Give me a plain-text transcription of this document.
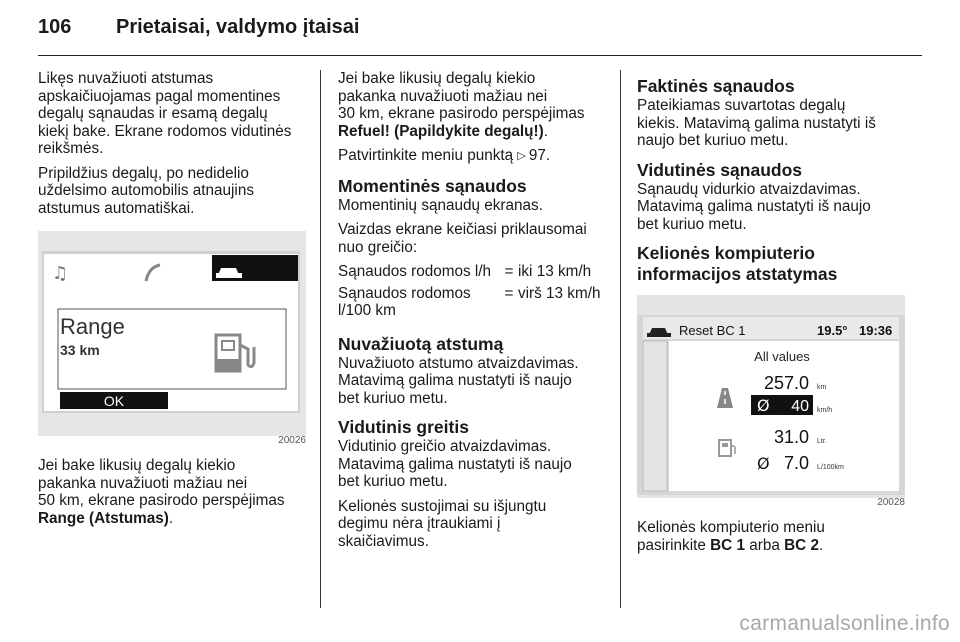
106 Prietaisai, valdymo įtaisai

Likęs nuvažiuoti atstumas
apskaičiuojamas pagal momentines
degalų sąnaudas ir esamą degalų
kiekį bake. Ekrane rodomos vidutinės
reikšmės.

Pripildžius degalų, po nedidelio
uždelsimo automobilis atnaujins
atstumus automatiškai.

♫
Range
33 km
OK
20026

Jei bake likusių degalų kiekio
pakanka nuvažiuoti mažiau nei
50 km, ekrane pasirodo perspėjimas
Range (Atstumas).

Jei bake likusių degalų kiekio
pakanka nuvažiuoti mažiau nei
30 km, ekrane pasirodo perspėjimas
Refuel! (Papildykite degalų!).

Patvirtinkite meniu punktą ▷ 97.

Momentinės sąnaudos

Momentinių sąnaudų ekranas.

Vaizdas ekrane keičiasi priklausomai
nuo greičio:

Sąnaudos rodomos l/h	=	iki 13 km/h
Sąnaudos rodomos l/100 km	=	virš 13 km/h
Nuvažiuotą atstumą

Nuvažiuoto atstumo atvaizdavimas.
Matavimą galima nustatyti iš naujo
bet kuriuo metu.

Vidutinis greitis

Vidutinio greičio atvaizdavimas.
Matavimą galima nustatyti iš naujo
bet kuriuo metu.

Kelionės sustojimai su išjungtu
degimu nėra įtraukiami į
skaičiavimus.

Faktinės sąnaudos

Pateikiamas suvartotas degalų
kiekis. Matavimą galima nustatyti iš
naujo bet kuriuo metu.

Vidutinės sąnaudos

Sąnaudų vidurkio atvaizdavimas.
Matavimą galima nustatyti iš naujo
bet kuriuo metu.

Kelionės kompiuterio
informacijos atstatymas
Reset BC 1	19.5° 19:36
All values
257.0 km
Ø 40 km/h
31.0 Ltr.
Ø 7.0 L/100km
20028

Kelionės kompiuterio meniu
pasirinkite BC 1 arba BC 2.

carmanualsonline.info
